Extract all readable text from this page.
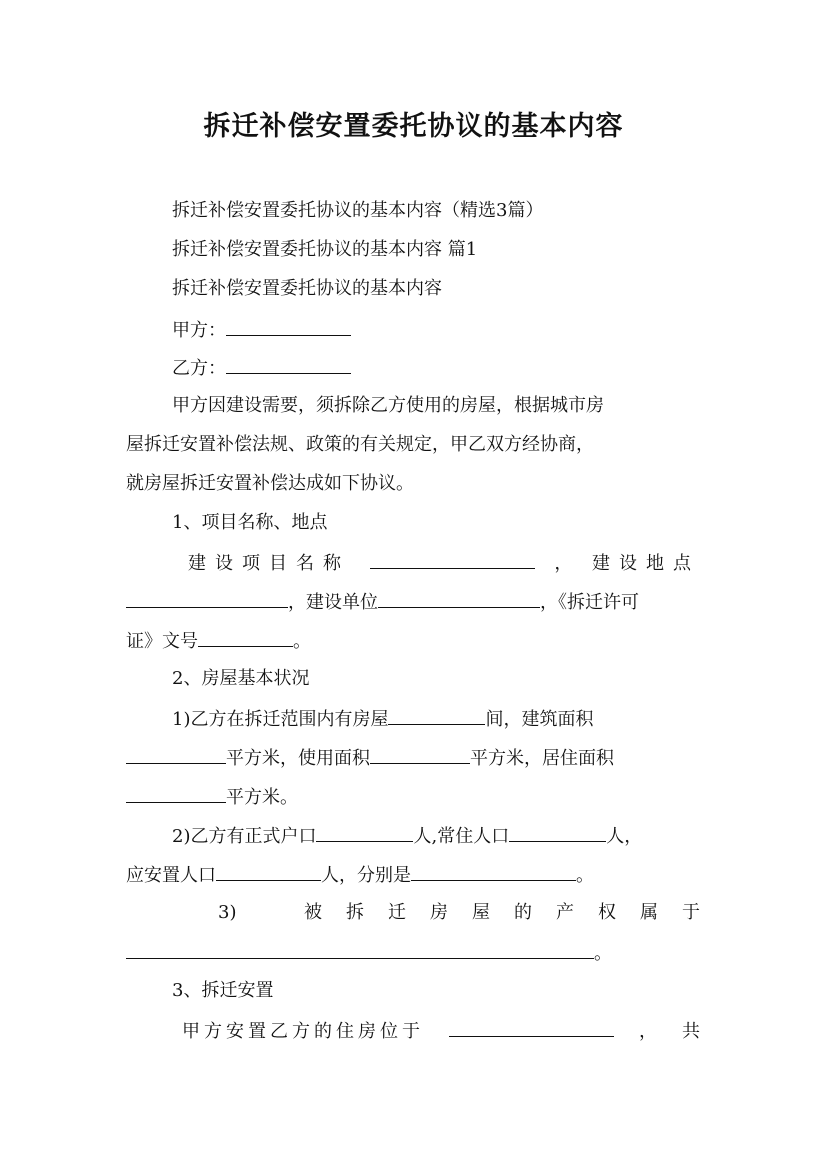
拆迁补偿安置委托协议的基本内容
拆迁补偿安置委托协议的基本内容（精选3篇）
拆迁补偿安置委托协议的基本内容 篇1
拆迁补偿安置委托协议的基本内容
甲方：
乙方：
甲方因建设需要，须拆除乙方使用的房屋，根据城市房
屋拆迁安置补偿法规、政策的有关规定，甲乙双方经协商，
就房屋拆迁安置补偿达成如下协议。
1、项目名称、地点
建设项目名称	， 建设地点
，建设单位	，《拆迁许可
证》文号	。
2、房屋基本状况
1)乙方在拆迁范围内有房屋	间，建筑面积
平方米，使用面积	平方米，居住面积
平方米。
2)乙方有正式户口	人,常住人口	人，
应安置人口	人，分别是	。
3)	被拆迁房屋的产权属于
。
3、拆迁安置
甲方安置乙方的住房位于	， 共
